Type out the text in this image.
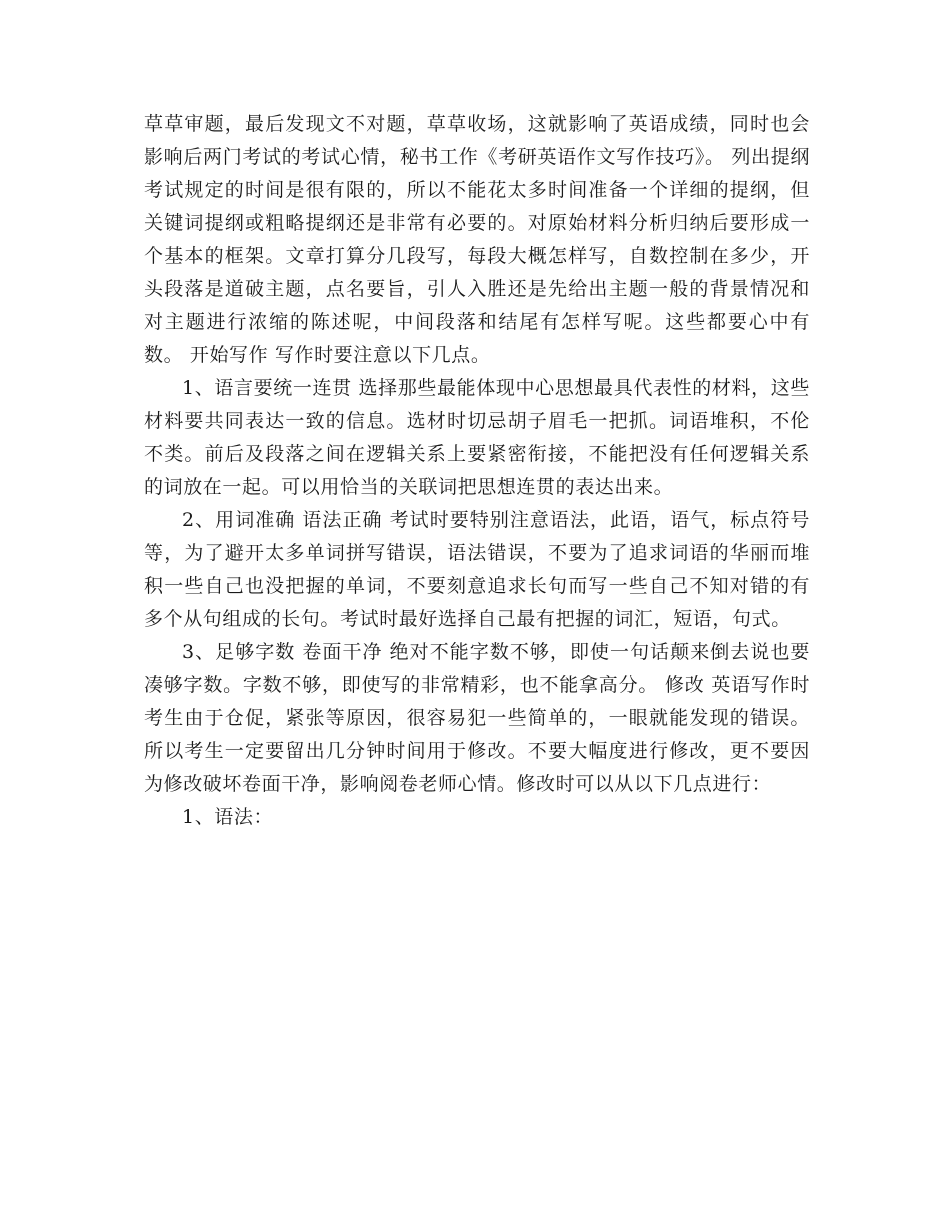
草草审题，最后发现文不对题，草草收场，这就影响了英语成绩，同时也会影响后两门考试的考试心情，秘书工作《考研英语作文写作技巧》。 列出提纲 考试规定的时间是很有限的，所以不能花太多时间准备一个详细的提纲，但关键词提纲或粗略提纲还是非常有必要的。对原始材料分析归纳后要形成一个基本的框架。文章打算分几段写，每段大概怎样写，自数控制在多少，开头段落是道破主题，点名要旨，引人入胜还是先给出主题一般的背景情况和对主题进行浓缩的陈述呢，中间段落和结尾有怎样写呢。这些都要心中有数。 开始写作 写作时要注意以下几点。

1、语言要统一连贯 选择那些最能体现中心思想最具代表性的材料，这些材料要共同表达一致的信息。选材时切忌胡子眉毛一把抓。词语堆积，不伦不类。前后及段落之间在逻辑关系上要紧密衔接，不能把没有任何逻辑关系的词放在一起。可以用恰当的关联词把思想连贯的表达出来。

2、用词准确 语法正确 考试时要特别注意语法，此语，语气，标点符号等，为了避开太多单词拼写错误，语法错误，不要为了追求词语的华丽而堆积一些自己也没把握的单词，不要刻意追求长句而写一些自己不知对错的有多个从句组成的长句。考试时最好选择自己最有把握的词汇，短语，句式。

3、足够字数 卷面干净 绝对不能字数不够，即使一句话颠来倒去说也要凑够字数。字数不够，即使写的非常精彩，也不能拿高分。 修改 英语写作时考生由于仓促，紧张等原因，很容易犯一些简单的，一眼就能发现的错误。所以考生一定要留出几分钟时间用于修改。不要大幅度进行修改，更不要因为修改破坏卷面干净，影响阅卷老师心情。修改时可以从以下几点进行：

1、语法：
